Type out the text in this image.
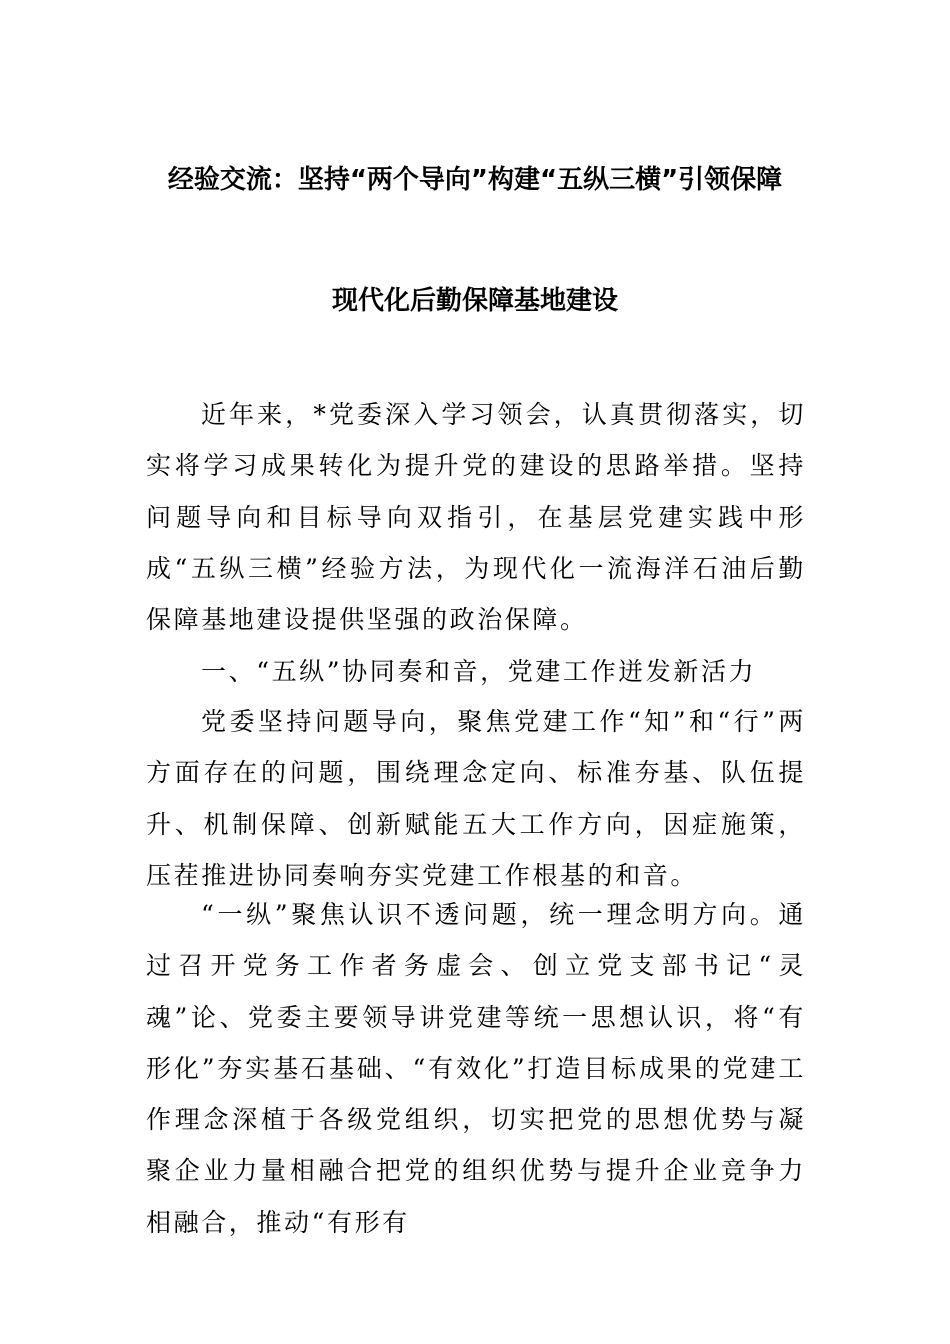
经验交流：坚持“两个导向”构建“五纵三横”引领保障
现代化后勤保障基地建设

近年来，*党委深入学习领会，认真贯彻落实，切实将学习成果转化为提升党的建设的思路举措。坚持问题导向和目标导向双指引，在基层党建实践中形成“五纵三横”经验方法，为现代化一流海洋石油后勤保障基地建设提供坚强的政治保障。

一、“五纵”协同奏和音，党建工作迸发新活力

党委坚持问题导向，聚焦党建工作“知”和“行”两方面存在的问题，围绕理念定向、标准夯基、队伍提升、机制保障、创新赋能五大工作方向，因症施策，压茬推进协同奏响夯实党建工作根基的和音。

“一纵”聚焦认识不透问题，统一理念明方向。通过召开党务工作者务虚会、创立党支部书记“灵魂”论、党委主要领导讲党建等统一思想认识，将“有形化”夯实基石基础、“有效化”打造目标成果的党建工作理念深植于各级党组织，切实把党的思想优势与凝聚企业力量相融合把党的组织优势与提升企业竞争力相融合，推动“有形有
